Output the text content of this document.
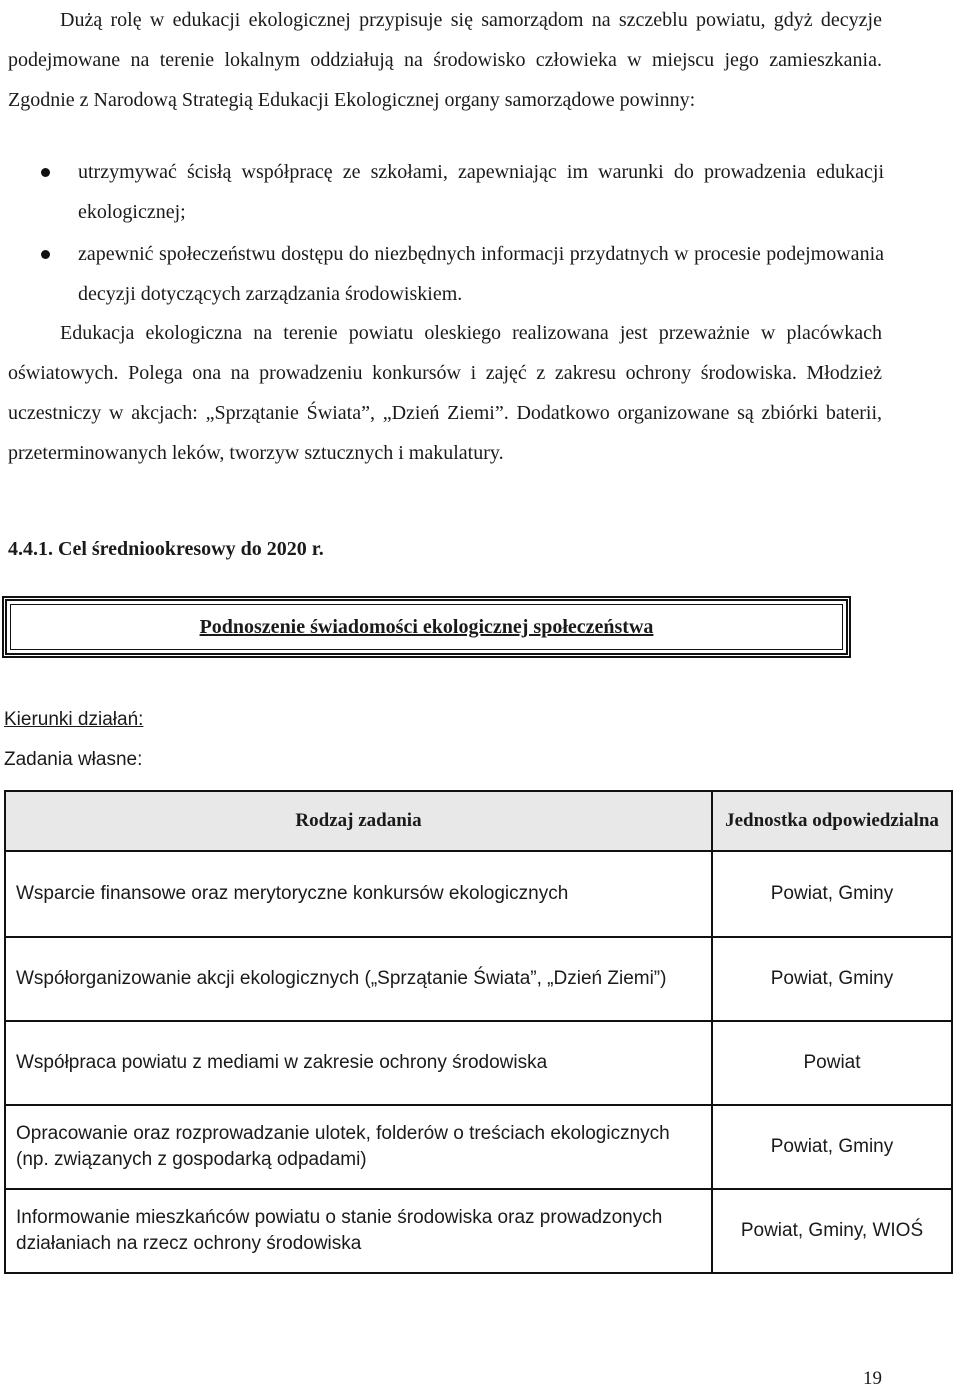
Dużą rolę w edukacji ekologicznej przypisuje się samorządom na szczeblu powiatu, gdyż decyzje podejmowane na terenie lokalnym oddziałują na środowisko człowieka w miejscu jego zamieszkania. Zgodnie z Narodową Strategią Edukacji Ekologicznej organy samorządowe powinny:

utrzymywać ścisłą współpracę ze szkołami, zapewniając im warunki do prowadzenia edukacji ekologicznej;
zapewnić społeczeństwu dostępu do niezbędnych informacji przydatnych w procesie podejmowania decyzji dotyczących zarządzania środowiskiem.

Edukacja ekologiczna na terenie powiatu oleskiego realizowana jest przeważnie w placówkach oświatowych. Polega ona na prowadzeniu konkursów i zajęć z zakresu ochrony środowiska. Młodzież uczestniczy w akcjach: „Sprzątanie Świata”, „Dzień Ziemi”. Dodatkowo organizowane są zbiórki baterii, przeterminowanych leków, tworzyw sztucznych i makulatury.

4.4.1. Cel średniookresowy do 2020 r.

Podnoszenie świadomości ekologicznej społeczeństwa

Kierunki działań:

Zadania własne:

Rodzaj zadania	Jednostka odpowiedzialna
Wsparcie finansowe oraz merytoryczne konkursów ekologicznych	Powiat, Gminy
Współorganizowanie akcji ekologicznych („Sprzątanie Świata”, „Dzień Ziemi”)	Powiat, Gminy
Współpraca powiatu z mediami w zakresie ochrony środowiska	Powiat
Opracowanie oraz rozprowadzanie ulotek, folderów o treściach ekologicznych (np. związanych z gospodarką odpadami)	Powiat, Gminy
Informowanie mieszkańców powiatu o stanie środowiska oraz prowadzonych działaniach na rzecz ochrony środowiska	Powiat, Gminy, WIOŚ

19
